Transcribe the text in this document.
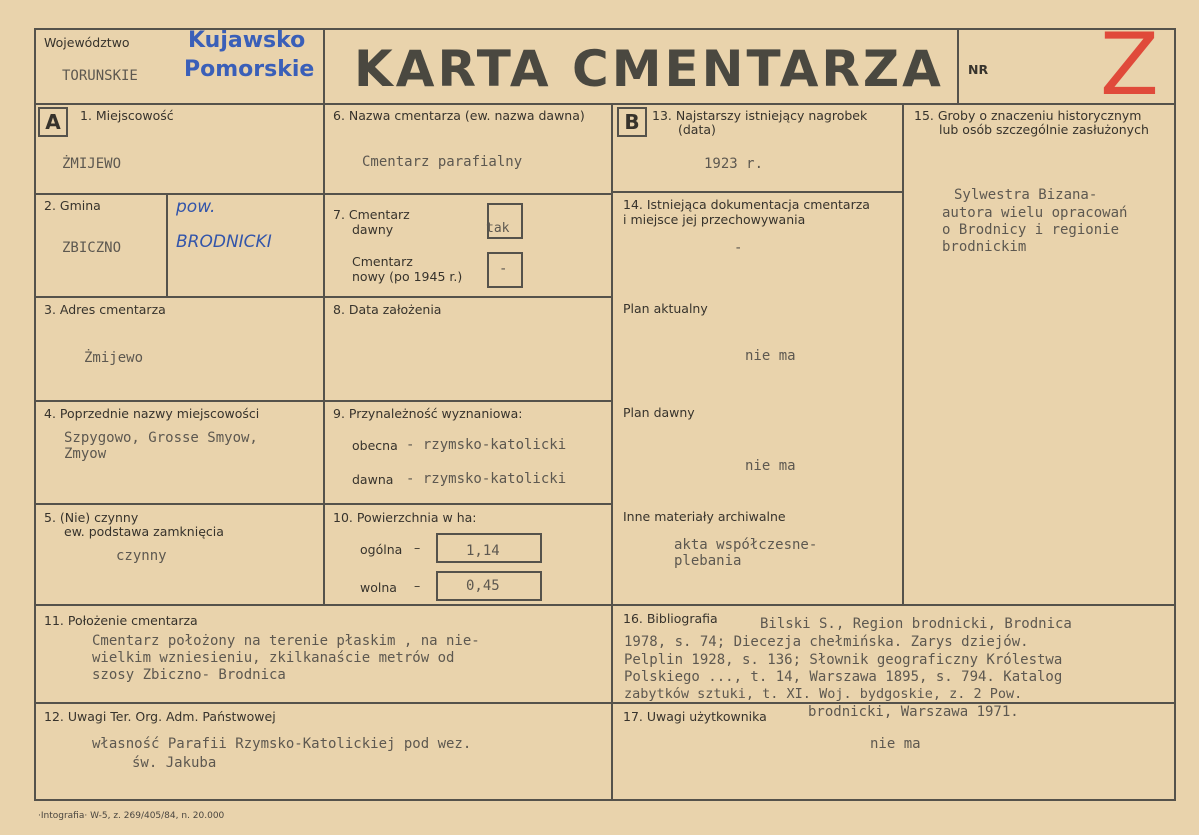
Województwo
TORUNSKIE
Kujawsko
Pomorskie KARTA CMENTARZA NR Z
A	1. Miejscowość
ŻMIJEWO
2. Gmina
ZBICZNO
pow.
BRODNICKI
3. Adres cmentarza
Żmijewo
4. Poprzednie nazwy miejscowości
Szpygowo, Grosse Smyow,
Zmyow
5. (Nie) czynny
ew. podstawa zamknięcia
czynny
6. Nazwa cmentarza (ew. nazwa dawna)
Cmentarz parafialny
7. Cmentarz
dawny	tak
Cmentarz
nowy (po 1945 r.)	-
8. Data założenia
9. Przynależność wyznaniowa:
obecna - rzymsko-katolicki
dawna - rzymsko-katolicki
10. Powierzchnia w ha:
ogólna –	1,14
wolna –	0,45
B 13. Najstarszy istniejący nagrobek
(data)
1923 r.
14. Istniejąca dokumentacja cmentarza
i miejsce jej przechowywania
-
Plan aktualny
nie ma
Plan dawny
nie ma
Inne materiały archiwalne
akta współczesne-
plebania
15. Groby o znaczeniu historycznym
lub osób szczególnie zasłużonych
Sylwestra Bizana-
autora wielu opracowań
o Brodnicy i regionie
brodnickim
11. Położenie cmentarza
Cmentarz położony na terenie płaskim , na nie-
wielkim wzniesieniu, zkilkanaście metrów od
szosy Zbiczno- Brodnica
12. Uwagi Ter. Org. Adm. Państwowej
własność Parafii Rzymsko-Katolickiej pod wez.
św. Jakuba
16. Bibliografia	Bilski S., Region brodnicki, Brodnica
1978, s. 74; Diecezja chełmińska. Zarys dziejów.
Pelplin 1928, s. 136; Słownik geograficzny Królestwa
Polskiego ..., t. 14, Warszawa 1895, s. 794. Katalog
zabytków sztuki, t. XI. Woj. bydgoskie, z. 2 Pow.
brodnicki, Warszawa 1971.
17. Uwagi użytkownika
nie ma
·Intografia· W-5, z. 269/405/84, n. 20.000
